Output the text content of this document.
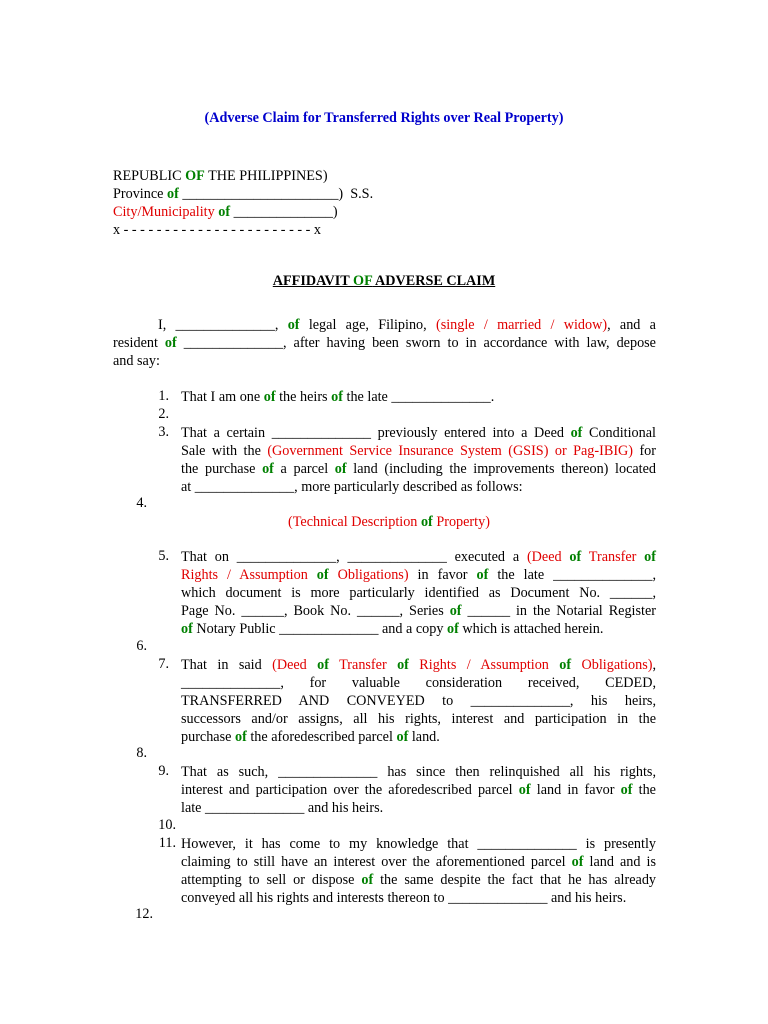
(Adverse Claim for Transferred Rights over Real Property)
REPUBLIC OF THE PHILIPPINES)
Province of ______________________)  S.S.
City/Municipality of ______________)
x - - - - - - - - - - - - - - - - - - - - - - - x
AFFIDAVIT OF ADVERSE CLAIM
I, ______________, of legal age, Filipino, (single / married / widow), and a
resident of ______________, after having been sworn to in accordance with law, depose
and say:
1.
2.
3.
4.
5.
6.
7.
8.
9.
10.
11.
12.
That I am one of the heirs of the late ______________.
That a certain ______________ previously entered into a Deed of Conditional
Sale with the (Government Service Insurance System (GSIS) or Pag-IBIG) for
the purchase of a parcel of land (including the improvements thereon) located
at ______________, more particularly described as follows:
(Technical Description of Property)
That on ______________, ______________ executed a (Deed of Transfer of
Rights / Assumption of Obligations) in favor of the late ______________,
which document is more particularly identified as Document No. ______,
Page No. ______, Book No. ______, Series of ______ in the Notarial Register
of Notary Public ______________ and a copy of which is attached herein.
That in said (Deed of Transfer of Rights / Assumption of Obligations),
______________, for valuable consideration received, CEDED,
TRANSFERRED AND CONVEYED to ______________, his heirs,
successors and/or assigns, all his rights, interest and participation in the
purchase of the aforedescribed parcel of land.
That as such, ______________ has since then relinquished all his rights,
interest and participation over the aforedescribed parcel of land in favor of the
late ______________ and his heirs.
However, it has come to my knowledge that ______________ is presently
claiming to still have an interest over the aforementioned parcel of land and is
attempting to sell or dispose of the same despite the fact that he has already
conveyed all his rights and interests thereon to ______________ and his heirs.
